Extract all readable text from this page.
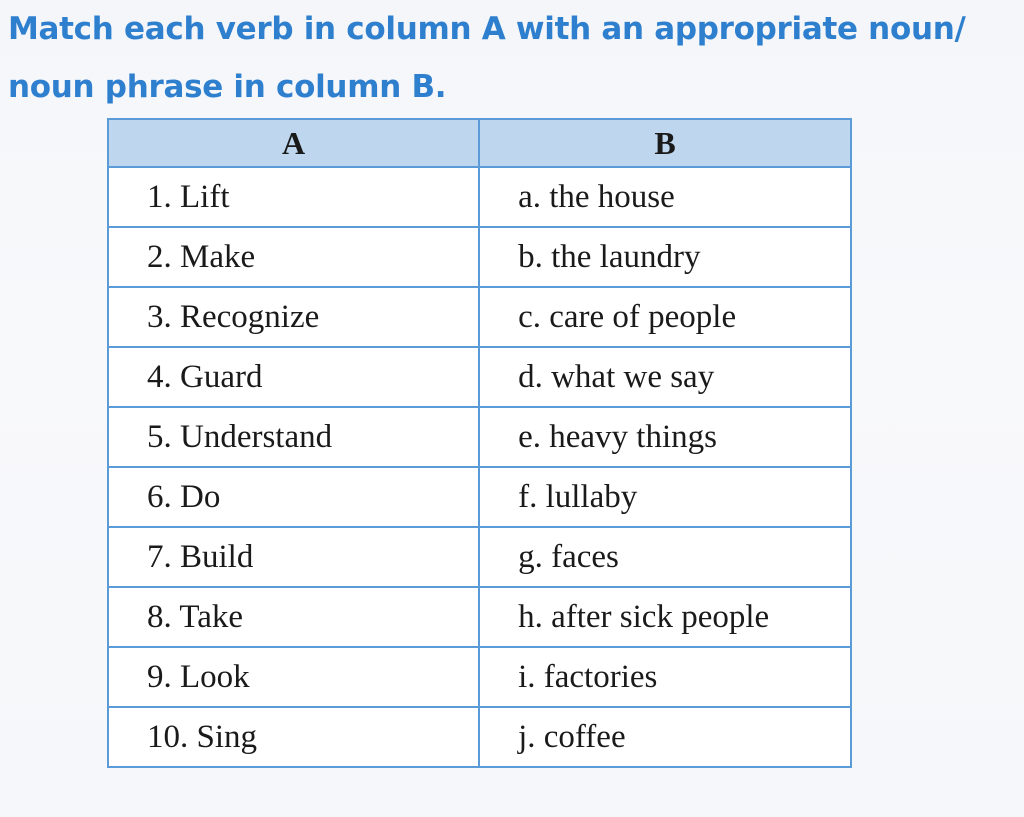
Match each verb in column A with an appropriate noun/
noun phrase in column B.
A	B
1. Lift	a. the house
2. Make	b. the laundry
3. Recognize	c. care of people
4. Guard	d. what we say
5. Understand	e. heavy things
6. Do	f. lullaby
7. Build	g. faces
8. Take	h. after sick people
9. Look	i. factories
10. Sing	j. coffee
